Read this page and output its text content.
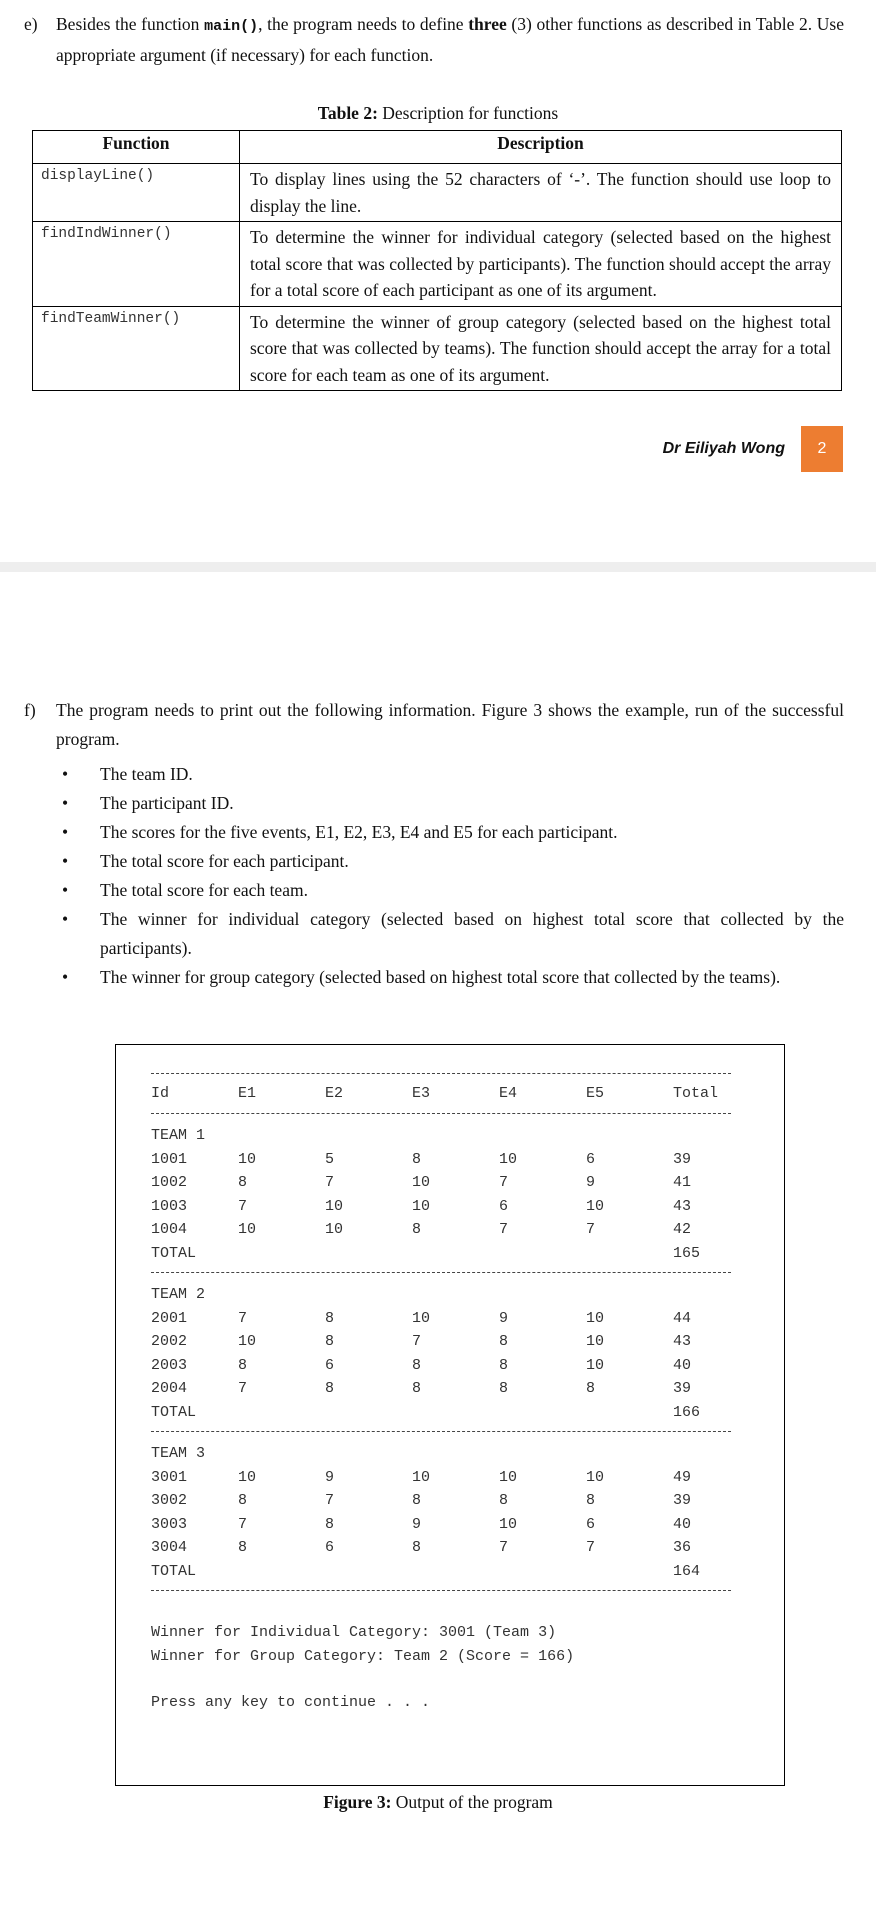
e) Besides the function main(), the program needs to define three (3) other functions as described in Table 2. Use appropriate argument (if necessary) for each function.
Table 2: Description for functions
Function	Description
displayLine()	To display lines using the 52 characters of ‘-’. The function should use loop to display the line.
findIndWinner()	To determine the winner for individual category (selected based on the highest total score that was collected by participants). The function should accept the array for a total score of each participant as one of its argument.
findTeamWinner()	To determine the winner of group category (selected based on the highest total score that was collected by teams). The function should accept the array for a total score for each team as one of its argument.
Dr Eiliyah Wong	2
f) The program needs to print out the following information. Figure 3 shows the example, run of the successful program.
• The team ID.
• The participant ID.
• The scores for the five events, E1, E2, E3, E4 and E5 for each participant.
• The total score for each participant.
• The total score for each team.
• The winner for individual category (selected based on highest total score that collected by the participants).
• The winner for group category (selected based on highest total score that collected by the teams).
Id	E1	E2	E3	E4	E5	Total
TEAM 1
1001	10	5	8	10	6	39
1002	8	7	10	7	9	41
1003	7	10	10	6	10	43
1004	10	10	8	7	7	42
TOTAL	165
TEAM 2
2001	7	8	10	9	10	44
2002	10	8	7	8	10	43
2003	8	6	8	8	10	40
2004	7	8	8	8	8	39
TOTAL	166
TEAM 3
3001	10	9	10	10	10	49
3002	8	7	8	8	8	39
3003	7	8	9	10	6	40
3004	8	6	8	7	7	36
TOTAL	164
Winner for Individual Category: 3001 (Team 3)
Winner for Group Category: Team 2 (Score = 166)
Press any key to continue . . .
Figure 3: Output of the program
